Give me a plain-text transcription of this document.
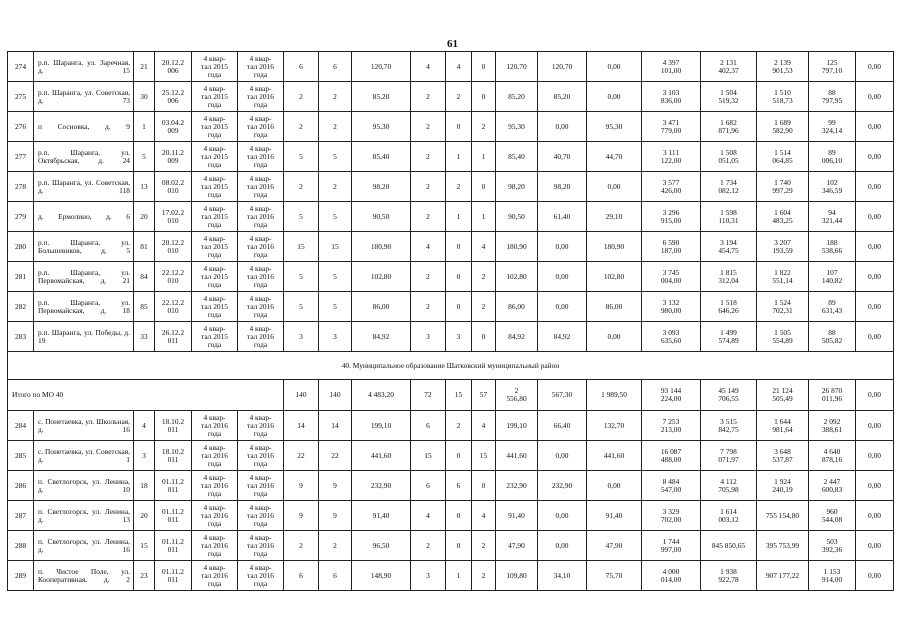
61
274	р.п. Шаранга, ул. Заречная, д. 15	21	20.12.2
006	4 квар-
тал 2015
года	4 квар-
тал 2016
года	6	6	120,70	4	4	0	120,70	120,70	0,00	4 397
101,00	2 131
402,37	2 139
901,53	125
797,10	0,00
275	р.п. Шаранга, ул. Советская, д. 73	30	25.12.2
006	4 квар-
тал 2015
года	4 квар-
тал 2016
года	2	2	85,20	2	2	0	85,20	85,20	0,00	3 103
836,00	1 504
519,32	1 510
518,73	88
797,95	0,00
276	п Сосновка, д. 9	1	03.04.2
009	4 квар-
тал 2015
года	4 квар-
тал 2016
года	2	2	95,30	2	0	2	95,30	0,00	95,30	3 471
779,00	1 682
871,96	1 689
582,90	99
324,14	0,00
277	р.п. Шаранга, ул. Октябрьская, д. 24	5	20.11.2
009	4 квар-
тал 2015
года	4 квар-
тал 2016
года	5	5	85,40	2	1	1	85,40	40,70	44,70	3 111
122,00	1 508
051,05	1 514
064,85	89
006,10	0,00
278	р.п. Шаранга, ул. Советская, д. 118	13	08.02.2
010	4 квар-
тал 2015
года	4 квар-
тал 2016
года	2	2	98,20	2	2	0	98,20	98,20	0,00	3 577
426,00	1 734
082,12	1 740
997,29	102
346,59	0,00
279	д. Ермолино, д. 6	20	17.02.2
010	4 квар-
тал 2015
года	4 квар-
тал 2016
года	5	5	90,50	2	1	1	90,50	61,40	29,10	3 296
915,00	1 598
110,31	1 604
483,25	94
321,44	0,00
280	р.п. Шаранга, ул. Большевиков, д. 5	81	20.12.2
010	4 квар-
тал 2015
года	4 квар-
тал 2016
года	15	15	180,90	4	0	4	180,90	0,00	180,90	6 590
187,00	3 194
454,75	3 207
193,59	188
538,66	0,00
281	р.п. Шаранга, ул. Первомайская, д. 21	84	22.12.2
010	4 квар-
тал 2015
года	4 квар-
тал 2016
года	5	5	102,80	2	0	2	102,80	0,00	102,80	3 745
004,00	1 815
312,04	1 822
551,14	107
140,82	0,00
282	р.п. Шаранга, ул. Первомайская, д. 18	85	22.12.2
010	4 квар-
тал 2015
года	4 квар-
тал 2016
года	5	5	86,00	2	0	2	86,00	0,00	86,00	3 132
980,00	1 518
646,26	1 524
702,31	89
631,43	0,00
283	р.п. Шаранга, ул. Победы, д. 19	33	26.12.2
011	4 квар-
тал 2015
года	4 квар-
тал 2016
года	3	3	84,92	3	3	0	84,92	84,92	0,00	3 093
635,60	1 499
574,89	1 505
554,89	88
505,82	0,00
40. Муниципальное образование Шатковский муниципальный район																			
Итого по МО 40						140	140	4 483,20	72	15	57	2
556,80	567,30	1 989,50	93 144
224,00	45 149
706,55	21 124
505,49	26 870
011,96	0,00
284	с. Понетаевка, ул. Школьная, д. 16	4	18.10.2
011	4 квар-
тал 2016
года	4 квар-
тал 2016
года	14	14	199,10	6	2	4	199,10	66,40	132,70	7 253
213,00	3 515
842,75	1 644
981,64	2 092
388,61	0,00
285	с. Понетаевка, ул. Советская, д. 1	3	18.10.2
011	4 квар-
тал 2016
года	4 квар-
тал 2016
года	22	22	441,60	15	0	15	441,60	0,00	441,60	16 087
488,00	7 798
071,97	3 648
537,87	4 640
878,16	0,00
286	п. Светлогорск, ул. Ленина, д. 10	18	01.11.2
011	4 квар-
тал 2016
года	4 квар-
тал 2016
года	9	9	232,90	6	6	0	232,90	232,90	0,00	8 484
547,00	4 112
705,98	1 924
240,19	2 447
600,83	0,00
287	п. Светлогорск, ул. Ленина, д. 13	20	01.11.2
011	4 квар-
тал 2016
года	4 квар-
тал 2016
года	9	9	91,40	4	0	4	91,40	0,00	91,40	3 329
702,00	1 614
003,12	755 154,80	960
544,08	0,00
288	п. Светлогорск, ул. Ленина, д. 16	15	01.11.2
011	4 квар-
тал 2016
года	4 квар-
тал 2016
года	2	2	96,50	2	0	2	47,90	0,00	47,90	1 744
997,00	845 850,65	395 753,99	503
392,36	0,00
289	п. Чистое Поле, ул. Кооперативная, д. 2	23	01.11.2
011	4 квар-
тал 2016
года	4 квар-
тал 2016
года	6	6	148,90	3	1	2	109,80	34,10	75,70	4 000
014,00	1 938
922,78	907 177,22	1 153
914,00	0,00
